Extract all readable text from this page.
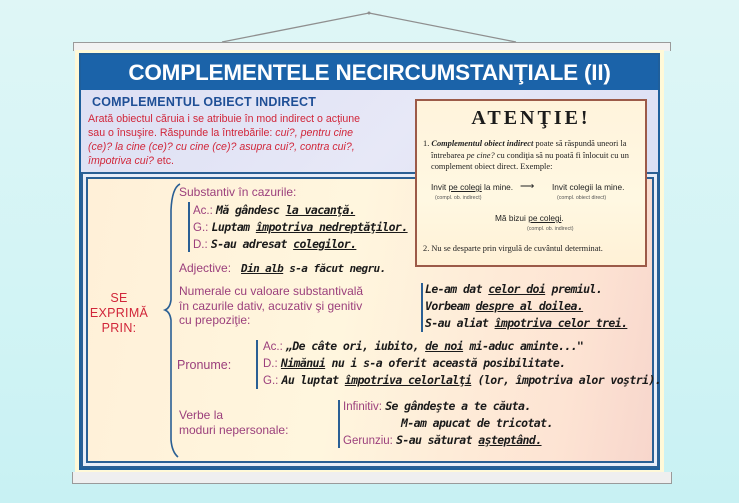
COMPLEMENTELE NECIRCUMSTANŢIALE (II)
COMPLEMENTUL OBIECT INDIRECT
Arată obiectul căruia i se atribuie în mod indirect o acţiune
sau o însuşire. Răspunde la întrebările: cui?, pentru cine
(ce)? la cine (ce)? cu cine (ce)? asupra cui?, contra cui?,
împotriva cui? etc.
ATENŢIE!
1. Complementul obiect indirect poate să răspundă uneori la întrebarea pe cine? cu condiţia să nu poată fi înlocuit cu un complement obiect direct. Exemple:
Invit pe colegi la mine.
(compl. ob. indirect)
⟶ Invit colegii la mine.
(compl. obiect direct)
Mă bizui pe colegi.
(compl. ob. indirect)
2. Nu se desparte prin virgulă de cuvântul determinat.
SE
EXPRIMĂ
PRIN:
Substantiv în cazurile:
Ac.: Mă gândesc la vacanţă.
G.: Luptam împotriva nedreptăţilor.
D.: S-au adresat colegilor.
Adjective: Din alb s-a făcut negru.
Numerale cu valoare substantivală
în cazurile dativ, acuzativ şi genitiv
cu prepoziţie:
Le-am dat celor doi premiul.
Vorbeam despre al doilea.
S-au aliat împotriva celor trei.
Pronume:
Ac.: „De câte ori, iubito, de noi mi-aduc aminte..."
D.: Nimănui nu i s-a oferit această posibilitate.
G.: Au luptat împotriva celorlalţi (lor, împotriva alor voştri).
Verbe la
moduri nepersonale:
Infinitiv: Se gândeşte a te căuta.
M-am apucat de tricotat.
Gerunziu: S-au săturat aşteptând.
